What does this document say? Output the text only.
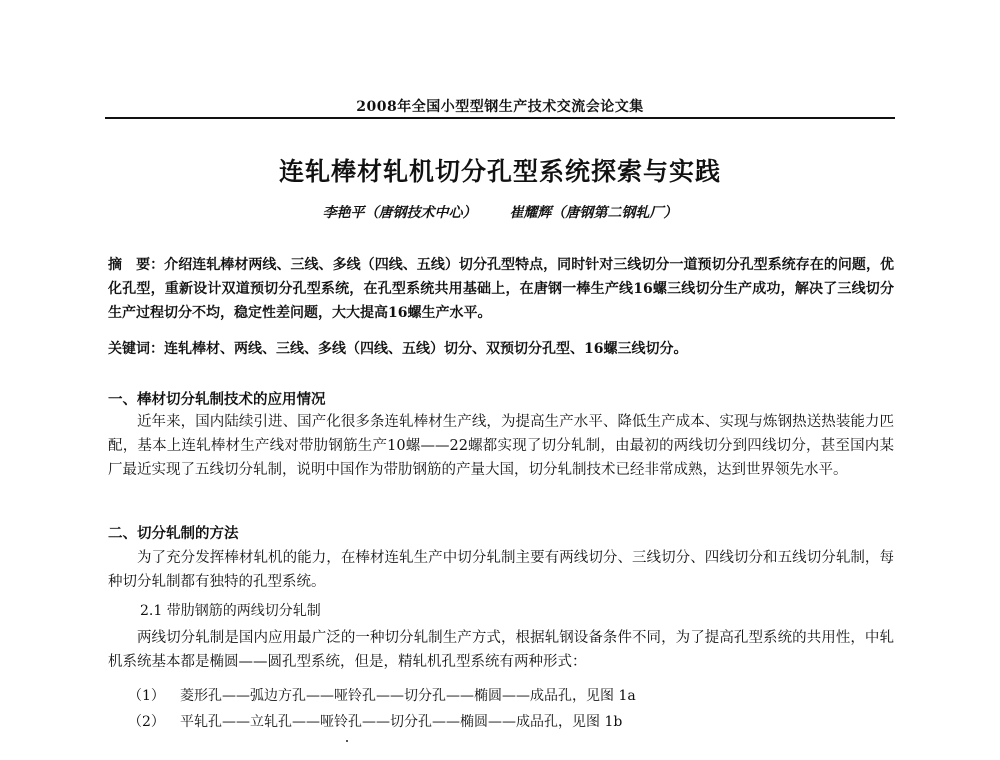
2008年全国小型型钢生产技术交流会论文集
连轧棒材轧机切分孔型系统探索与实践
李艳平（唐钢技术中心） 崔耀辉（唐钢第二钢轧厂）
摘　要：介绍连轧棒材两线、三线、多线（四线、五线）切分孔型特点，同时针对三线切分一道预切分孔型系统存在的问题，优化孔型，重新设计双道预切分孔型系统，在孔型系统共用基础上，在唐钢一棒生产线16螺三线切分生产成功，解决了三线切分生产过程切分不均，稳定性差问题，大大提高16螺生产水平。
关键词：连轧棒材、两线、三线、多线（四线、五线）切分、双预切分孔型、16螺三线切分。
一、棒材切分轧制技术的应用情况
近年来，国内陆续引进、国产化很多条连轧棒材生产线，为提高生产水平、降低生产成本、实现与炼钢热送热装能力匹配，基本上连轧棒材生产线对带肋钢筋生产10螺——22螺都实现了切分轧制，由最初的两线切分到四线切分，甚至国内某厂最近实现了五线切分轧制，说明中国作为带肋钢筋的产量大国，切分轧制技术已经非常成熟，达到世界领先水平。
二、切分轧制的方法
为了充分发挥棒材轧机的能力，在棒材连轧生产中切分轧制主要有两线切分、三线切分、四线切分和五线切分轧制，每种切分轧制都有独特的孔型系统。
2.1 带肋钢筋的两线切分轧制
两线切分轧制是国内应用最广泛的一种切分轧制生产方式，根据轧钢设备条件不同，为了提高孔型系统的共用性，中轧机系统基本都是椭圆——圆孔型系统，但是，精轧机孔型系统有两种形式：
（1） 菱形孔——弧边方孔——哑铃孔——切分孔——椭圆——成品孔，见图 1a
（2） 平轧孔——立轧孔——哑铃孔——切分孔——椭圆——成品孔，见图 1b
